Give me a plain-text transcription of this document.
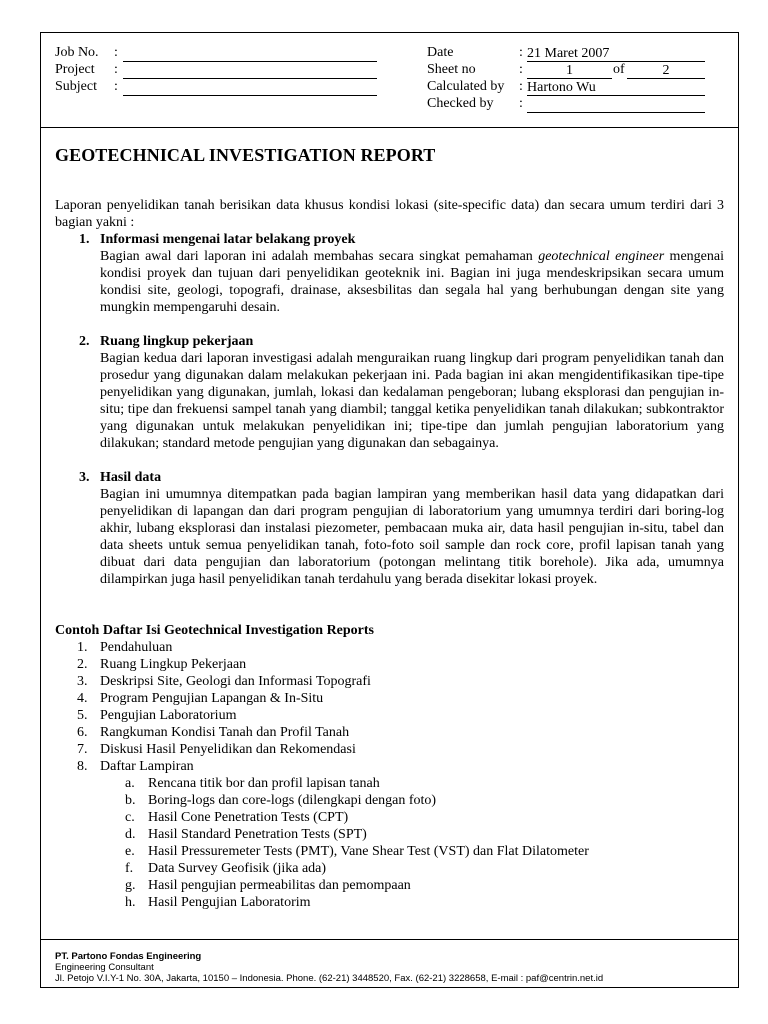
Job No. :
Project :
Subject :
Date	: 21 Maret 2007
Sheet no	:	1	of	2
Calculated by : Hartono Wu
Checked by :
GEOTECHNICAL INVESTIGATION REPORT

Laporan penyelidikan tanah berisikan data khusus kondisi lokasi (site-specific data) dan secara umum terdiri dari 3 bagian yakni :

1. Informasi mengenai latar belakang proyek
Bagian awal dari laporan ini adalah membahas secara singkat pemahaman geotechnical engineer mengenai kondisi proyek dan tujuan dari penyelidikan geoteknik ini. Bagian ini juga mendeskripsikan secara umum kondisi site, geologi, topografi, drainase, aksesbilitas dan segala hal yang berhubungan dengan site yang mungkin mempengaruhi desain.
2. Ruang lingkup pekerjaan
Bagian kedua dari laporan investigasi adalah menguraikan ruang lingkup dari program penyelidikan tanah dan prosedur yang digunakan dalam melakukan pekerjaan ini. Pada bagian ini akan mengidentifikasikan tipe-tipe penyelidikan yang digunakan, jumlah, lokasi dan kedalaman pengeboran; lubang eksplorasi dan pengujian in-situ; tipe dan frekuensi sampel tanah yang diambil; tanggal ketika penyelidikan tanah dilakukan; subkontraktor yang digunakan untuk melakukan penyelidikan ini; tipe-tipe dan jumlah pengujian laboratorium yang dilakukan; standard metode pengujian yang digunakan dan sebagainya.
3. Hasil data
Bagian ini umumnya ditempatkan pada bagian lampiran yang memberikan hasil data yang didapatkan dari penyelidikan di lapangan dan dari program pengujian di laboratorium yang umumnya terdiri dari boring-log akhir, lubang eksplorasi dan instalasi piezometer, pembacaan muka air, data hasil pengujian in-situ, tabel dan data sheets untuk semua penyelidikan tanah, foto-foto soil sample dan rock core, profil lapisan tanah yang dibuat dari data pengujian dan laboratorium (potongan melintang titik borehole). Jika ada, umumnya dilampirkan juga hasil penyelidikan tanah terdahulu yang berada disekitar lokasi proyek.
Contoh Daftar Isi Geotechnical Investigation Reports
1. Pendahuluan
2. Ruang Lingkup Pekerjaan
3. Deskripsi Site, Geologi dan Informasi Topografi
4. Program Pengujian Lapangan & In-Situ
5. Pengujian Laboratorium
6. Rangkuman Kondisi Tanah dan Profil Tanah
7. Diskusi Hasil Penyelidikan dan Rekomendasi
8. Daftar Lampiran
a. Rencana titik bor dan profil lapisan tanah
b. Boring-logs dan core-logs (dilengkapi dengan foto)
c. Hasil Cone Penetration Tests (CPT)
d. Hasil Standard Penetration Tests (SPT)
e. Hasil Pressuremeter Tests (PMT), Vane Shear Test (VST) dan Flat Dilatometer
f. Data Survey Geofisik (jika ada)
g. Hasil pengujian permeabilitas dan pemompaan
h. Hasil Pengujian Laboratorim
PT. Partono Fondas Engineering
Engineering Consultant
Jl. Petojo V.I.Y-1 No. 30A, Jakarta, 10150 – Indonesia. Phone. (62-21) 3448520, Fax. (62-21) 3228658, E-mail : paf@centrin.net.id
